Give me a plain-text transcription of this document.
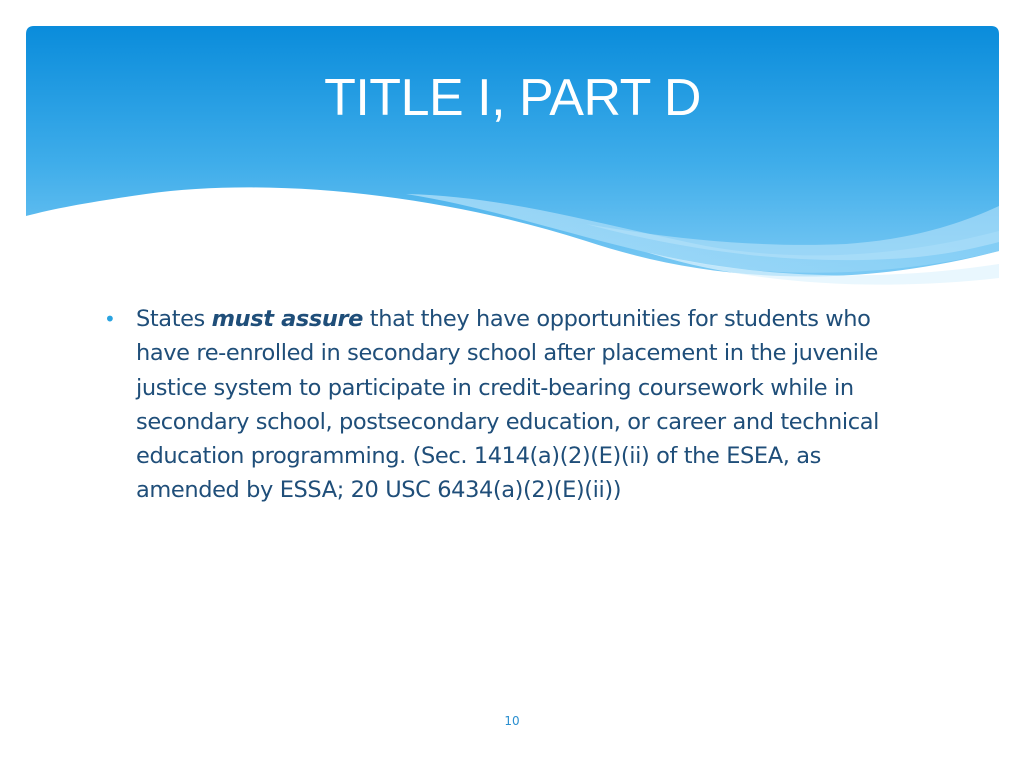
TITLE I, PART D
• States must assure that they have opportunities for students who have re-enrolled in secondary school after placement in the juvenile justice system to participate in credit-bearing coursework while in secondary school, postsecondary education, or career and technical education programming. (Sec. 1414(a)(2)(E)(ii) of the ESEA, as amended by ESSA; 20 USC 6434(a)(2)(E)(ii))
10
